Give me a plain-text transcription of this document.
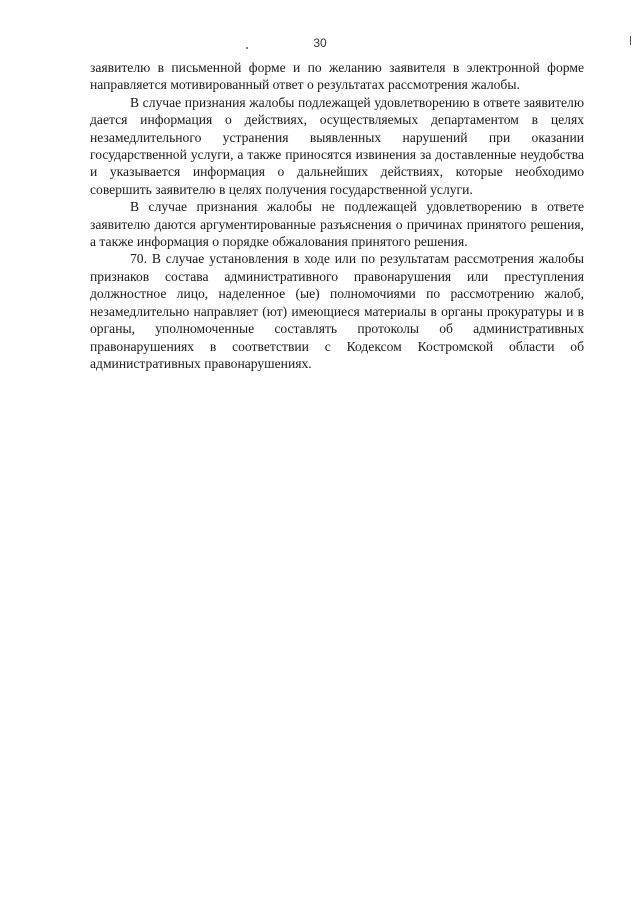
30

заявителю в письменной форме и по желанию заявителя в электронной форме направляется мотивированный ответ о результатах рассмотрения жалобы.

В случае признания жалобы подлежащей удовлетворению в ответе заявителю дается информация о действиях, осуществляемых департаментом в целях незамедлительного устранения выявленных нарушений при оказании государственной услуги, а также приносятся извинения за доставленные неудобства и указывается информация о дальнейших действиях, которые необходимо совершить заявителю в целях получения государственной услуги.

В случае признания жалобы не подлежащей удовлетворению в ответе заявителю даются аргументированные разъяснения о причинах принятого решения, а также информация о порядке обжалования принятого решения.

70. В случае установления в ходе или по результатам рассмотрения жалобы признаков состава административного правонарушения или преступления должностное лицо, наделенное (ые) полномочиями по рассмотрению жалоб, незамедлительно направляет (ют) имеющиеся материалы в органы прокуратуры и в органы, уполномоченные составлять протоколы об административных правонарушениях в соответствии с Кодексом Костромской области об административных правонарушениях.
